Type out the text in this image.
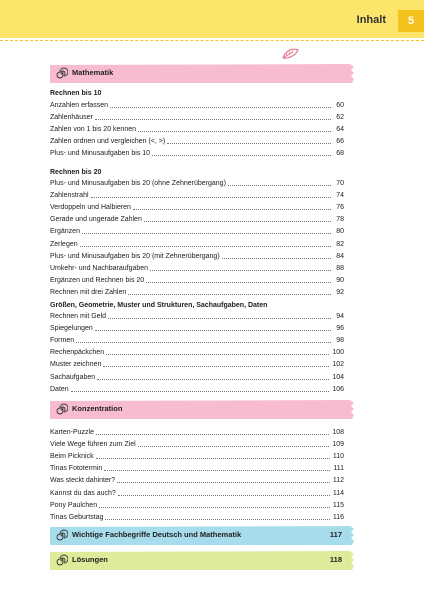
Inhalt	5
Mathematik
Rechnen bis 10
Anzahlen erfassen	60
Zahlenhäuser	62
Zahlen von 1 bis 20 kennen	64
Zahlen ordnen und vergleichen (<, >)	66
Plus- und Minusaufgaben bis 10	68
Rechnen bis 20
Plus- und Minusaufgaben bis 20 (ohne Zehnerübergang)	70
Zahlenstrahl	74
Verdoppeln und Halbieren	76
Gerade und ungerade Zahlen	78
Ergänzen	80
Zerlegen	82
Plus- und Minusaufgaben bis 20 (mit Zehnerübergang)	84
Umkehr- und Nachbaraufgaben	88
Ergänzen und Rechnen bis 20	90
Rechnen mit drei Zahlen	92
Größen, Geometrie, Muster und Strukturen, Sachaufgaben, Daten
Rechnen mit Geld	94
Spiegelungen	96
Formen	98
Rechenpäckchen	100
Muster zeichnen	102
Sachaufgaben	104
Daten	106
Konzentration
Karten-Puzzle	108
Viele Wege führen zum Ziel	109
Beim Picknick	110
Tinas Fototermin	111
Was steckt dahinter?	112
Kannst du das auch?	114
Pony Paulchen	115
Tinas Geburtstag	116
Wichtige Fachbegriffe Deutsch und Mathematik	117
Lösungen	118
